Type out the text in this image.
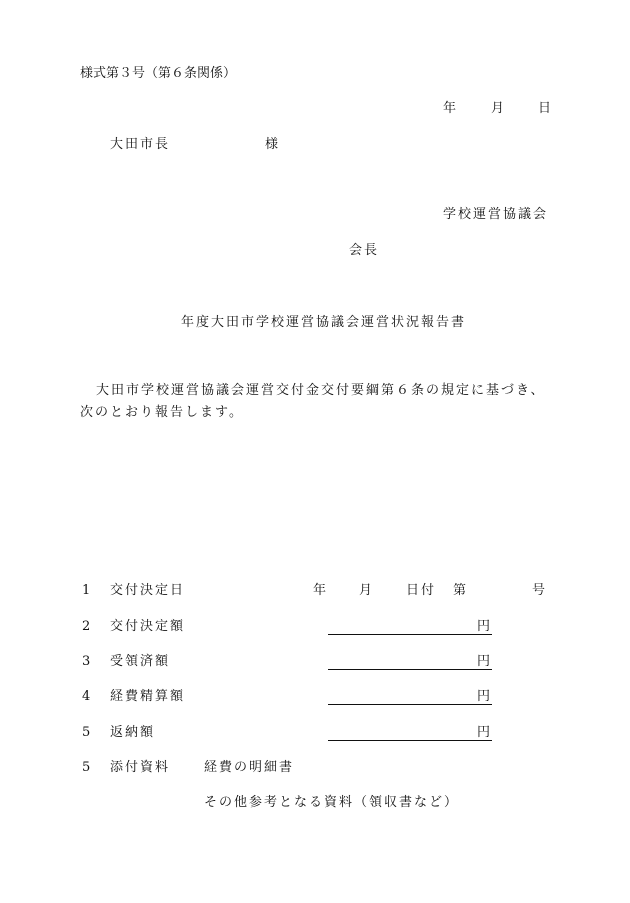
様式第３号（第６条関係）
年	月	日
大田市長	様
学校運営協議会
会長
年度大田市学校運営協議会運営状況報告書
大田市学校運営協議会運営交付金交付要綱第６条の規定に基づき、
次のとおり報告します。
1 交付決定日	年	月	日付 第	号
2 交付決定額	円
3 受領済額	円
4 経費精算額	円
5 返納額	円
5 添付資料	経費の明細書
その他参考となる資料（領収書など）
